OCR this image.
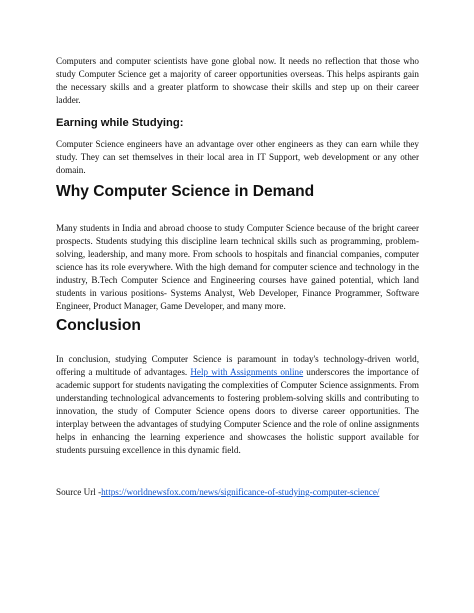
Computers and computer scientists have gone global now. It needs no reflection that those who study Computer Science get a majority of career opportunities overseas. This helps aspirants gain the necessary skills and a greater platform to showcase their skills and step up on their career ladder.

Earning while Studying:

Computer Science engineers have an advantage over other engineers as they can earn while they study. They can set themselves in their local area in IT Support, web development or any other domain.

Why Computer Science in Demand

Many students in India and abroad choose to study Computer Science because of the bright career prospects. Students studying this discipline learn technical skills such as programming, problem-solving, leadership, and many more. From schools to hospitals and financial companies, computer science has its role everywhere. With the high demand for computer science and technology in the industry, B.Tech Computer Science and Engineering courses have gained potential, which land students in various positions- Systems Analyst, Web Developer, Finance Programmer, Software Engineer, Product Manager, Game Developer, and many more.

Conclusion

In conclusion, studying Computer Science is paramount in today's technology-driven world, offering a multitude of advantages. Help with Assignments online underscores the importance of academic support for students navigating the complexities of Computer Science assignments. From understanding technological advancements to fostering problem-solving skills and contributing to innovation, the study of Computer Science opens doors to diverse career opportunities. The interplay between the advantages of studying Computer Science and the role of online assignments helps in enhancing the learning experience and showcases the holistic support available for students pursuing excellence in this dynamic field.

Source Url -https://worldnewsfox.com/news/significance-of-studying-computer-science/
